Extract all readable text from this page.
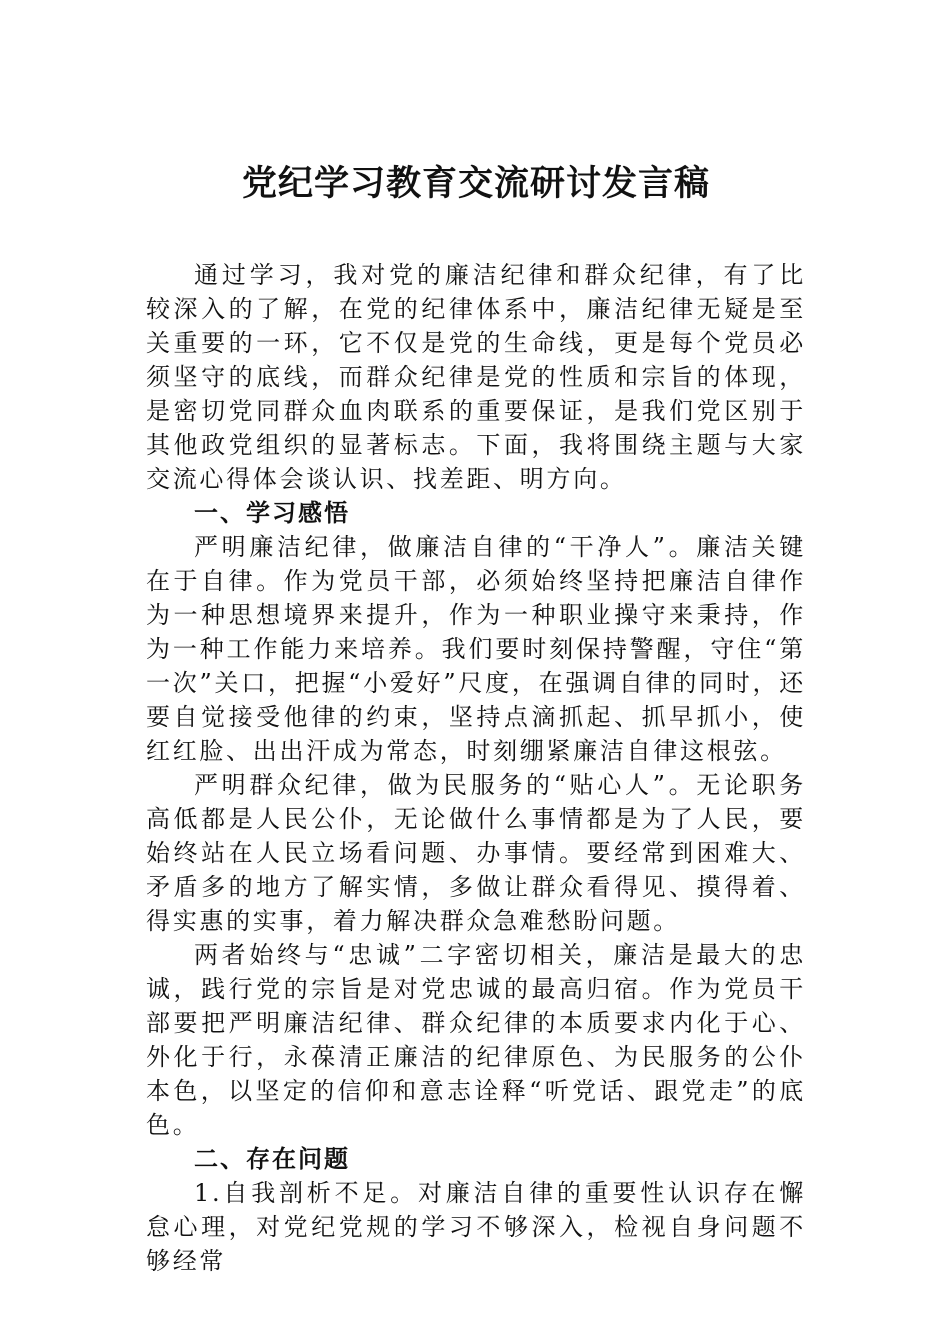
党纪学习教育交流研讨发言稿

通过学习，我对党的廉洁纪律和群众纪律，有了比较深入的了解，在党的纪律体系中，廉洁纪律无疑是至关重要的一环，它不仅是党的生命线，更是每个党员必须坚守的底线，而群众纪律是党的性质和宗旨的体现，是密切党同群众血肉联系的重要保证，是我们党区别于其他政党组织的显著标志。下面，我将围绕主题与大家交流心得体会谈认识、找差距、明方向。

一、学习感悟

严明廉洁纪律，做廉洁自律的“干净人”。廉洁关键在于自律。作为党员干部，必须始终坚持把廉洁自律作为一种思想境界来提升，作为一种职业操守来秉持，作为一种工作能力来培养。我们要时刻保持警醒，守住“第一次”关口，把握“小爱好”尺度，在强调自律的同时，还要自觉接受他律的约束，坚持点滴抓起、抓早抓小，使红红脸、出出汗成为常态，时刻绷紧廉洁自律这根弦。

严明群众纪律，做为民服务的“贴心人”。无论职务高低都是人民公仆，无论做什么事情都是为了人民，要始终站在人民立场看问题、办事情。要经常到困难大、矛盾多的地方了解实情，多做让群众看得见、摸得着、得实惠的实事，着力解决群众急难愁盼问题。

两者始终与“忠诚”二字密切相关，廉洁是最大的忠诚，践行党的宗旨是对党忠诚的最高归宿。作为党员干部要把严明廉洁纪律、群众纪律的本质要求内化于心、外化于行，永葆清正廉洁的纪律原色、为民服务的公仆本色，以坚定的信仰和意志诠释“听党话、跟党走”的底色。

二、存在问题

1.自我剖析不足。对廉洁自律的重要性认识存在懈怠心理，对党纪党规的学习不够深入，检视自身问题不够经常
